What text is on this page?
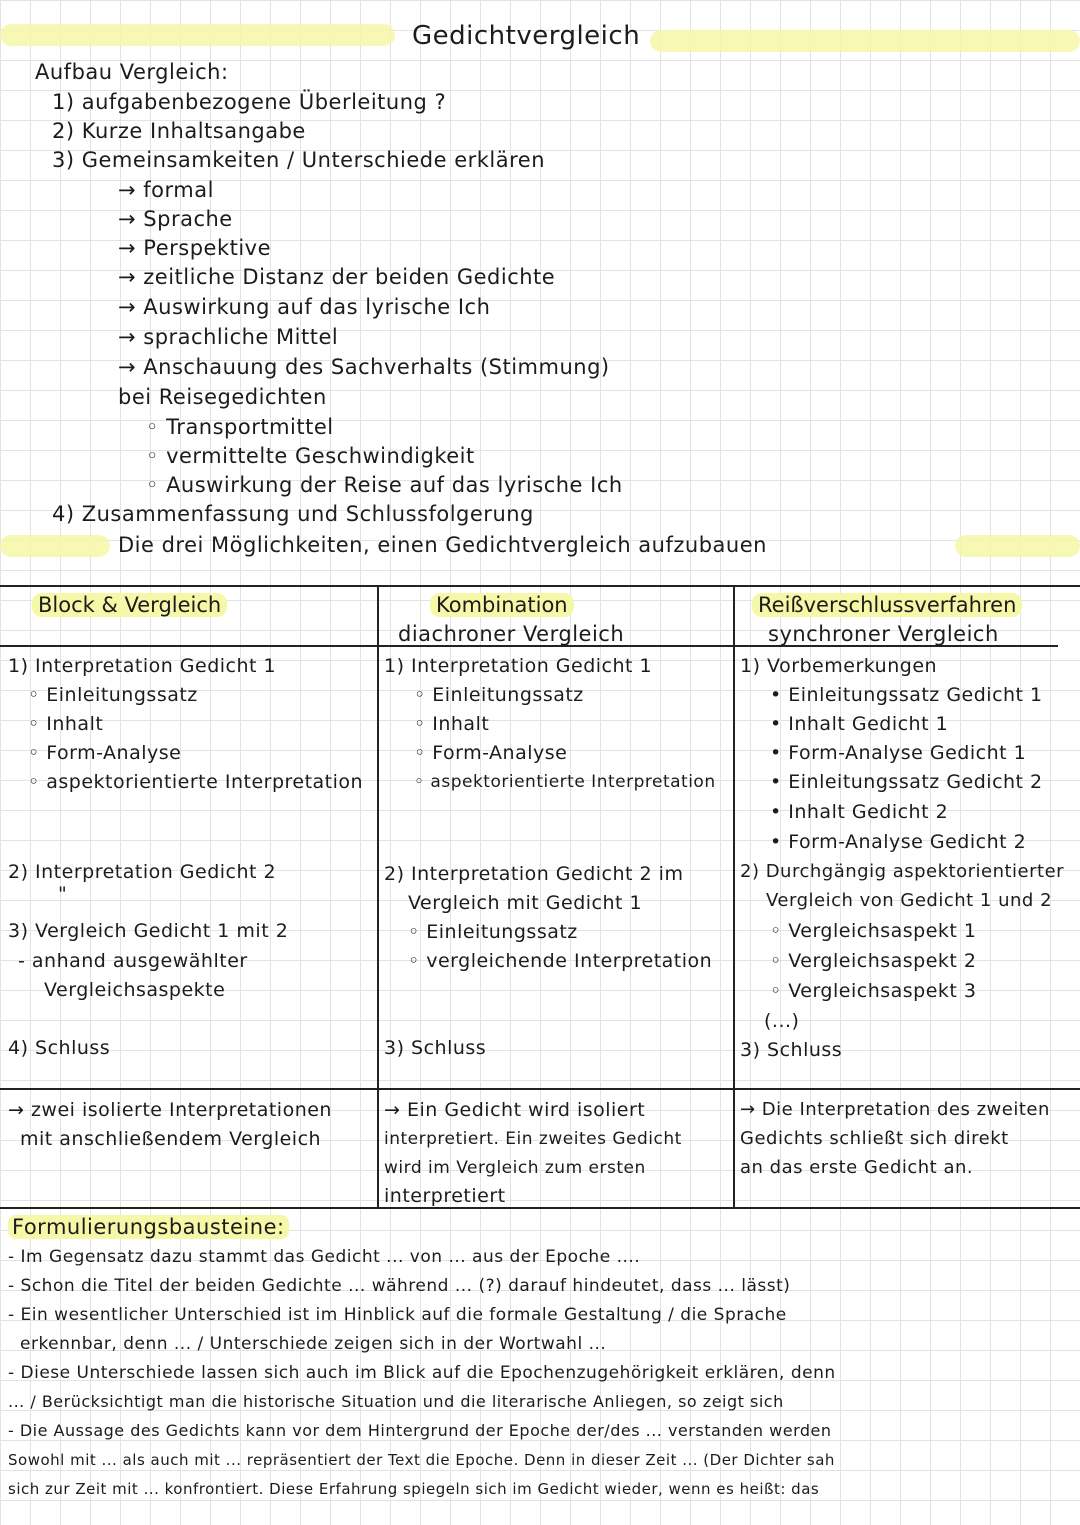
Gedichtvergleich
Aufbau Vergleich:
1) aufgabenbezogene Überleitung ?
2) Kurze Inhaltsangabe
3) Gemeinsamkeiten / Unterschiede erklären
→ formal
→ Sprache
→ Perspektive
→ zeitliche Distanz der beiden Gedichte
→ Auswirkung auf das lyrische Ich
→ sprachliche Mittel
→ Anschauung des Sachverhalts (Stimmung)
bei Reisegedichten
◦ Transportmittel
◦ vermittelte Geschwindigkeit
◦ Auswirkung der Reise auf das lyrische Ich
4) Zusammenfassung und Schlussfolgerung
Die drei Möglichkeiten, einen Gedichtvergleich aufzubauen
Block & Vergleich	Kombination
diachroner Vergleich
Reißverschlussverfahren
synchroner Vergleich
1) Interpretation Gedicht 1
◦ Einleitungssatz
◦ Inhalt
◦ Form-Analyse
◦ aspektorientierte Interpretation
2) Interpretation Gedicht 2
"
3) Vergleich Gedicht 1 mit 2
- anhand ausgewählter
Vergleichsaspekte
4) Schluss
1) Interpretation Gedicht 1
◦ Einleitungssatz
◦ Inhalt
◦ Form-Analyse
◦ aspektorientierte Interpretation
2) Interpretation Gedicht 2 im
Vergleich mit Gedicht 1
◦ Einleitungssatz
◦ vergleichende Interpretation
3) Schluss
1) Vorbemerkungen
• Einleitungssatz Gedicht 1
• Inhalt Gedicht 1
• Form-Analyse Gedicht 1
• Einleitungssatz Gedicht 2
• Inhalt Gedicht 2
• Form-Analyse Gedicht 2
2) Durchgängig aspektorientierter
Vergleich von Gedicht 1 und 2
◦ Vergleichsaspekt 1
◦ Vergleichsaspekt 2
◦ Vergleichsaspekt 3
(...)
3) Schluss
→ zwei isolierte Interpretationen
mit anschließendem Vergleich
→ Ein Gedicht wird isoliert
interpretiert. Ein zweites Gedicht
wird im Vergleich zum ersten
interpretiert
→ Die Interpretation des zweiten
Gedichts schließt sich direkt
an das erste Gedicht an.
Formulierungsbausteine:
- Im Gegensatz dazu stammt das Gedicht ... von ... aus der Epoche ....
- Schon die Titel der beiden Gedichte ... während ... (?) darauf hindeutet, dass ... lässt)
- Ein wesentlicher Unterschied ist im Hinblick auf die formale Gestaltung / die Sprache
erkennbar, denn ... / Unterschiede zeigen sich in der Wortwahl ...
- Diese Unterschiede lassen sich auch im Blick auf die Epochenzugehörigkeit erklären, denn
... / Berücksichtigt man die historische Situation und die literarische Anliegen, so zeigt sich
- Die Aussage des Gedichts kann vor dem Hintergrund der Epoche der/des ... verstanden werden
Sowohl mit ... als auch mit ... repräsentiert der Text die Epoche. Denn in dieser Zeit ... (Der Dichter sah
sich zur Zeit mit ... konfrontiert. Diese Erfahrung spiegeln sich im Gedicht wieder, wenn es heißt: das
